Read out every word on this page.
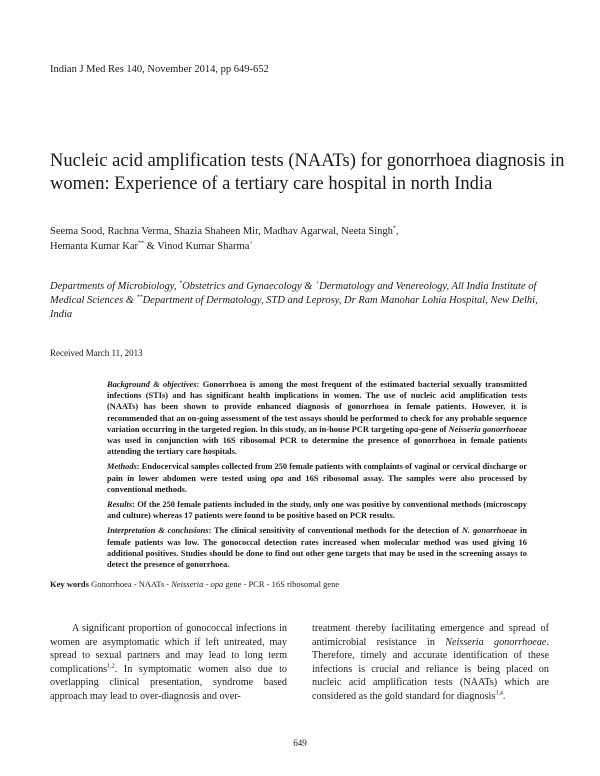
Indian J Med Res 140, November 2014, pp 649-652
Nucleic acid amplification tests (NAATs) for gonorrhoea diagnosis in
women: Experience of a tertiary care hospital in north India
Seema Sood, Rachna Verma, Shazia Shaheen Mir, Madhav Agarwal, Neeta Singh*,
Hemanta Kumar Kar** & Vinod Kumar Sharma+
Departments of Microbiology, *Obstetrics and Gynaecology & +Dermatology and Venereology, All India Institute of Medical Sciences & **Department of Dermatology, STD and Leprosy, Dr Ram Manohar Lohia Hospital, New Delhi, India
Received March 11, 2013

Background & objectives: Gonorrhoea is among the most frequent of the estimated bacterial sexually transmitted infections (STIs) and has significant health implications in women. The use of nucleic acid amplification tests (NAATs) has been shown to provide enhanced diagnosis of gonorrhoea in female patients. However, it is recommended that an on-going assessment of the test assays should be performed to check for any probable sequence variation occurring in the targeted region. In this study, an in-house PCR targeting opa-gene of Neisseria gonorrhoeae was used in conjunction with 16S ribosomal PCR to determine the presence of gonorrhoea in female patients attending the tertiary care hospitals.

Methods: Endocervical samples collected from 250 female patients with complaints of vaginal or cervical discharge or pain in lower abdomen were tested using opa and 16S ribosomal assay. The samples were also processed by conventional methods.

Results: Of the 250 female patients included in the study, only one was positive by conventional methods (microscopy and culture) whereas 17 patients were found to be positive based on PCR results.

Interpretation & conclusions: The clinical sensitivity of conventional methods for the detection of N. gonorrhoeae in female patients was low. The gonococcal detection rates increased when molecular method was used giving 16 additional positives. Studies should be done to find out other gene targets that may be used in the screening assays to detect the presence of gonorrhoea.

Key words Gonorrhoea - NAATs - Neisseria - opa gene - PCR - 16S ribosomal gene

A significant proportion of gonococcal infections in women are asymptomatic which if left untreated, may spread to sexual partners and may lead to long term complications$^{1,2}$. In symptomatic women also due to overlapping clinical presentation, syndrome based approach may lead to over-diagnosis and over-

treatment thereby facilitating emergence and spread of antimicrobial resistance in Neisseria gonorrhoeae. Therefore, timely and accurate identification of these infections is crucial and reliance is being placed on nucleic acid amplification tests (NAATs) which are considered as the gold standard for diagnosis$^{3,4}$.

649
